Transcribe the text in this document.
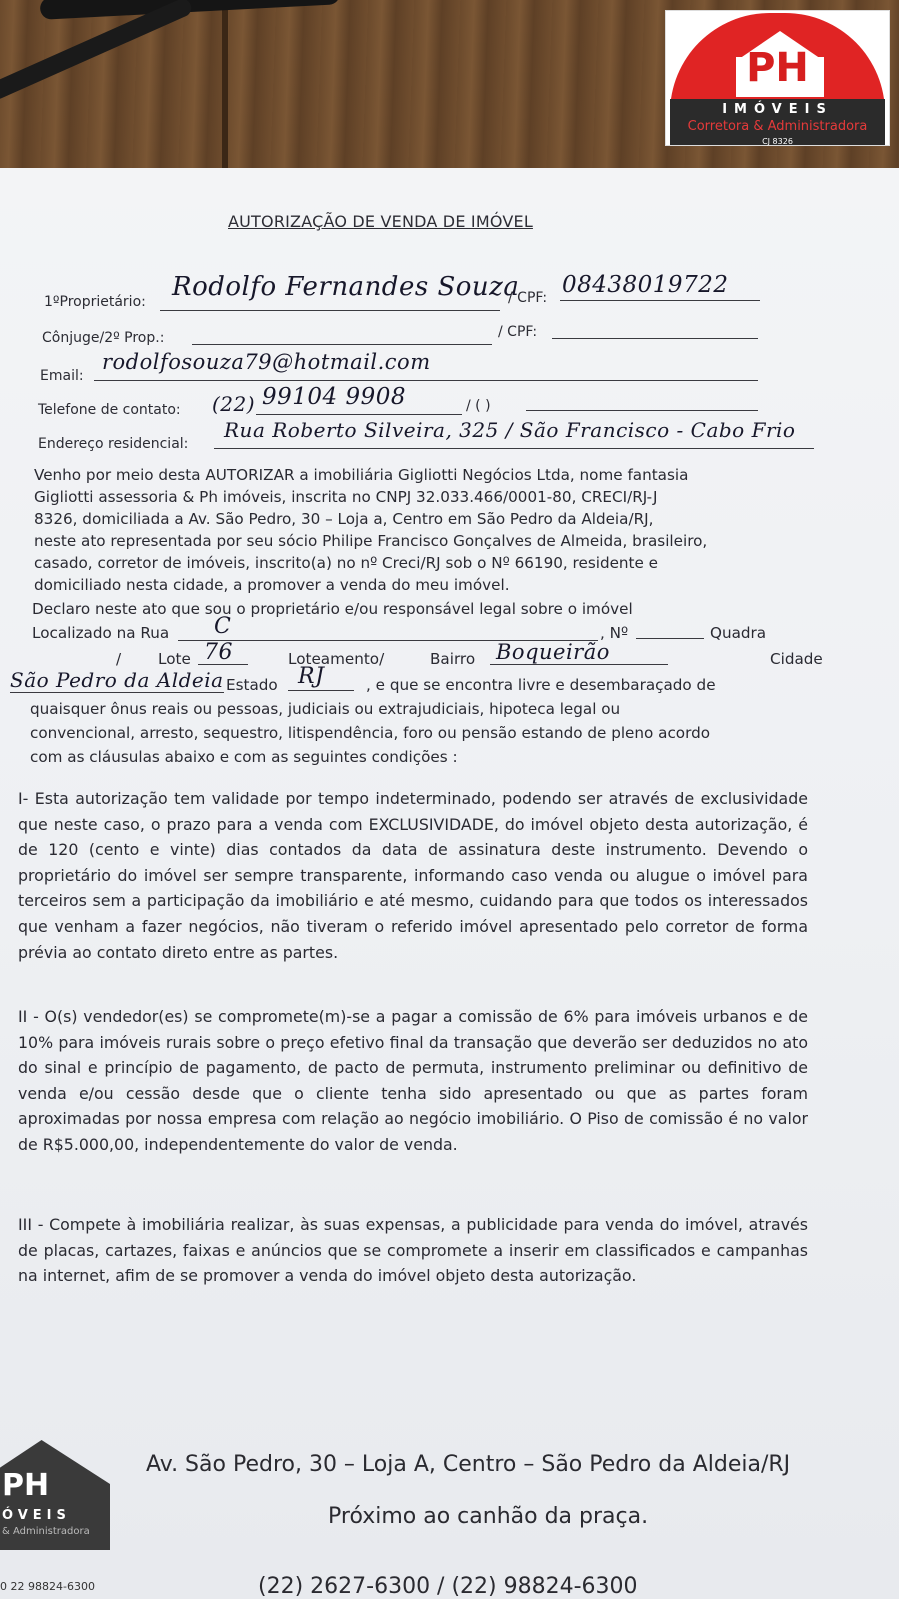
PH
IMÓVEIS
Corretora & Administradora
CJ 8326
AUTORIZAÇÃO DE VENDA DE IMÓVEL
1ºProprietário: Rodolfo Fernandes Souza
/ CPF: 08438019722
Cônjuge/2º Prop.:	/ CPF:
Email:
rodolfosouza79@hotmail.com
Telefone de contato: (22) 99104 9908	/ ( )
Endereço residencial:
Rua Roberto Silveira, 325 / São Francisco - Cabo Frio
Venho por meio desta AUTORIZAR a imobiliária Gigliotti Negócios Ltda, nome fantasia
Gigliotti assessoria & Ph imóveis, inscrita no CNPJ 32.033.466/0001-80, CRECI/RJ-J
8326, domiciliada a Av. São Pedro, 30 – Loja a, Centro em São Pedro da Aldeia/RJ,
neste ato representada por seu sócio Philipe Francisco Gonçalves de Almeida, brasileiro,
casado, corretor de imóveis, inscrito(a) no nº Creci/RJ sob o Nº 66190, residente e
domiciliado nesta cidade, a promover a venda do meu imóvel.
Declaro neste ato que sou o proprietário e/ou responsável legal sobre o imóvel
Localizado na Rua C	, Nº	Quadra
/ Lote 76	Loteamento/	Bairro Boqueirão	Cidade
São Pedro da Aldeia Estado RJ	, e que se encontra livre e desembaraçado de
quaisquer ônus reais ou pessoas, judiciais ou extrajudiciais, hipoteca legal ou
convencional, arresto, sequestro, litispendência, foro ou pensão estando de pleno acordo
com as cláusulas abaixo e com as seguintes condições :
I- Esta autorização tem validade por tempo indeterminado, podendo ser através de exclusividade que neste caso, o prazo para a venda com EXCLUSIVIDADE, do imóvel objeto desta autorização, é de 120 (cento e vinte) dias contados da data de assinatura deste instrumento. Devendo o proprietário do imóvel ser sempre transparente, informando caso venda ou alugue o imóvel para terceiros sem a participação da imobiliário e até mesmo, cuidando para que todos os interessados que venham a fazer negócios, não tiveram o referido imóvel apresentado pelo corretor de forma prévia ao contato direto entre as partes.
II - O(s) vendedor(es) se compromete(m)-se a pagar a comissão de 6% para imóveis urbanos e de 10% para imóveis rurais sobre o preço efetivo final da transação que deverão ser deduzidos no ato do sinal e princípio de pagamento, de pacto de permuta, instrumento preliminar ou definitivo de venda e/ou cessão desde que o cliente tenha sido apresentado ou que as partes foram aproximadas por nossa empresa com relação ao negócio imobiliário. O Piso de comissão é no valor de R$5.000,00, independentemente do valor de venda.
III - Compete à imobiliária realizar, às suas expensas, a publicidade para venda do imóvel, através de placas, cartazes, faixas e anúncios que se compromete a inserir em classificados e campanhas na internet, afim de se promover a venda do imóvel objeto desta autorização.
PH
ÓVEIS
& Administradora
0 22 98824-6300
Av. São Pedro, 30 – Loja A, Centro – São Pedro da Aldeia/RJ
Próximo ao canhão da praça.
(22) 2627-6300 / (22) 98824-6300
